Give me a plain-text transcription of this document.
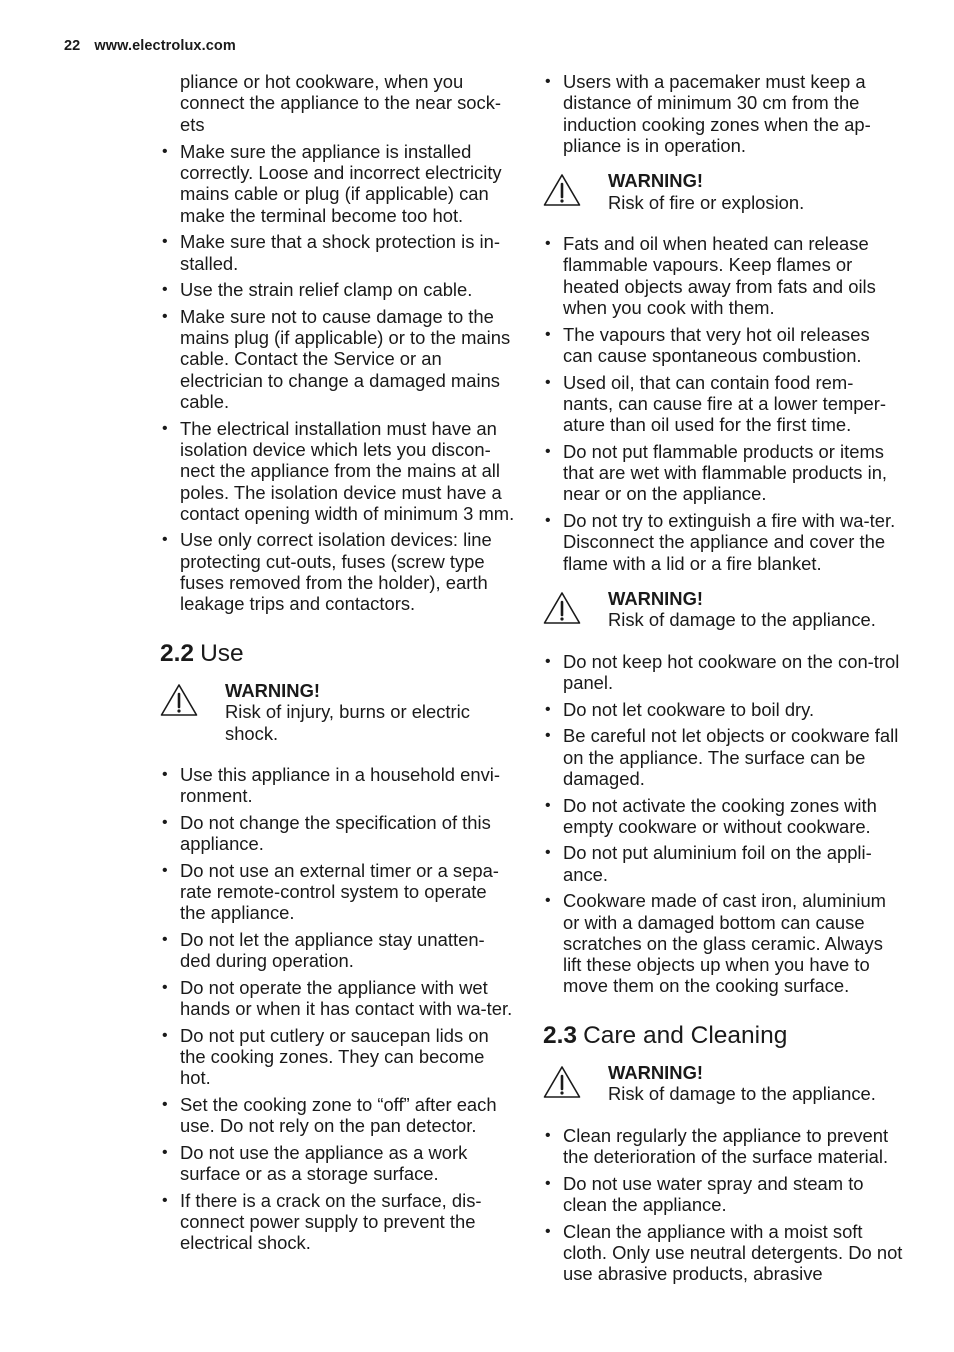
22 www.electrolux.com
pliance or hot cookware, when you connect the appliance to the near sock-ets
• Make sure the appliance is installed correctly. Loose and incorrect electricity mains cable or plug (if applicable) can make the terminal become too hot.
• Make sure that a shock protection is in-stalled.
• Use the strain relief clamp on cable.
• Make sure not to cause damage to the mains plug (if applicable) or to the mains cable. Contact the Service or an electrician to change a damaged mains cable.
• The electrical installation must have an isolation device which lets you discon-nect the appliance from the mains at all poles. The isolation device must have a contact opening width of minimum 3 mm.
• Use only correct isolation devices: line protecting cut-outs, fuses (screw type fuses removed from the holder), earth leakage trips and contactors.
2.2 Use
WARNING!
Risk of injury, burns or electric shock.
• Use this appliance in a household envi-ronment.
• Do not change the specification of this appliance.
• Do not use an external timer or a sepa-rate remote-control system to operate the appliance.
• Do not let the appliance stay unatten-ded during operation.
• Do not operate the appliance with wet hands or when it has contact with wa-ter.
• Do not put cutlery or saucepan lids on the cooking zones. They can become hot.
• Set the cooking zone to “off” after each use. Do not rely on the pan detector.
• Do not use the appliance as a work surface or as a storage surface.
• If there is a crack on the surface, dis-connect power supply to prevent the electrical shock.
• Users with a pacemaker must keep a distance of minimum 30 cm from the induction cooking zones when the ap-pliance is in operation.
WARNING!
Risk of fire or explosion.
• Fats and oil when heated can release flammable vapours. Keep flames or heated objects away from fats and oils when you cook with them.
• The vapours that very hot oil releases can cause spontaneous combustion.
• Used oil, that can contain food rem-nants, can cause fire at a lower temper-ature than oil used for the first time.
• Do not put flammable products or items that are wet with flammable products in, near or on the appliance.
• Do not try to extinguish a fire with wa-ter. Disconnect the appliance and cover the flame with a lid or a fire blanket.
WARNING!
Risk of damage to the appliance.
• Do not keep hot cookware on the con-trol panel.
• Do not let cookware to boil dry.
• Be careful not let objects or cookware fall on the appliance. The surface can be damaged.
• Do not activate the cooking zones with empty cookware or without cookware.
• Do not put aluminium foil on the appli-ance.
• Cookware made of cast iron, aluminium or with a damaged bottom can cause scratches on the glass ceramic. Always lift these objects up when you have to move them on the cooking surface.
2.3 Care and Cleaning
WARNING!
Risk of damage to the appliance.
• Clean regularly the appliance to prevent the deterioration of the surface material.
• Do not use water spray and steam to clean the appliance.
• Clean the appliance with a moist soft cloth. Only use neutral detergents. Do not use abrasive products, abrasive
